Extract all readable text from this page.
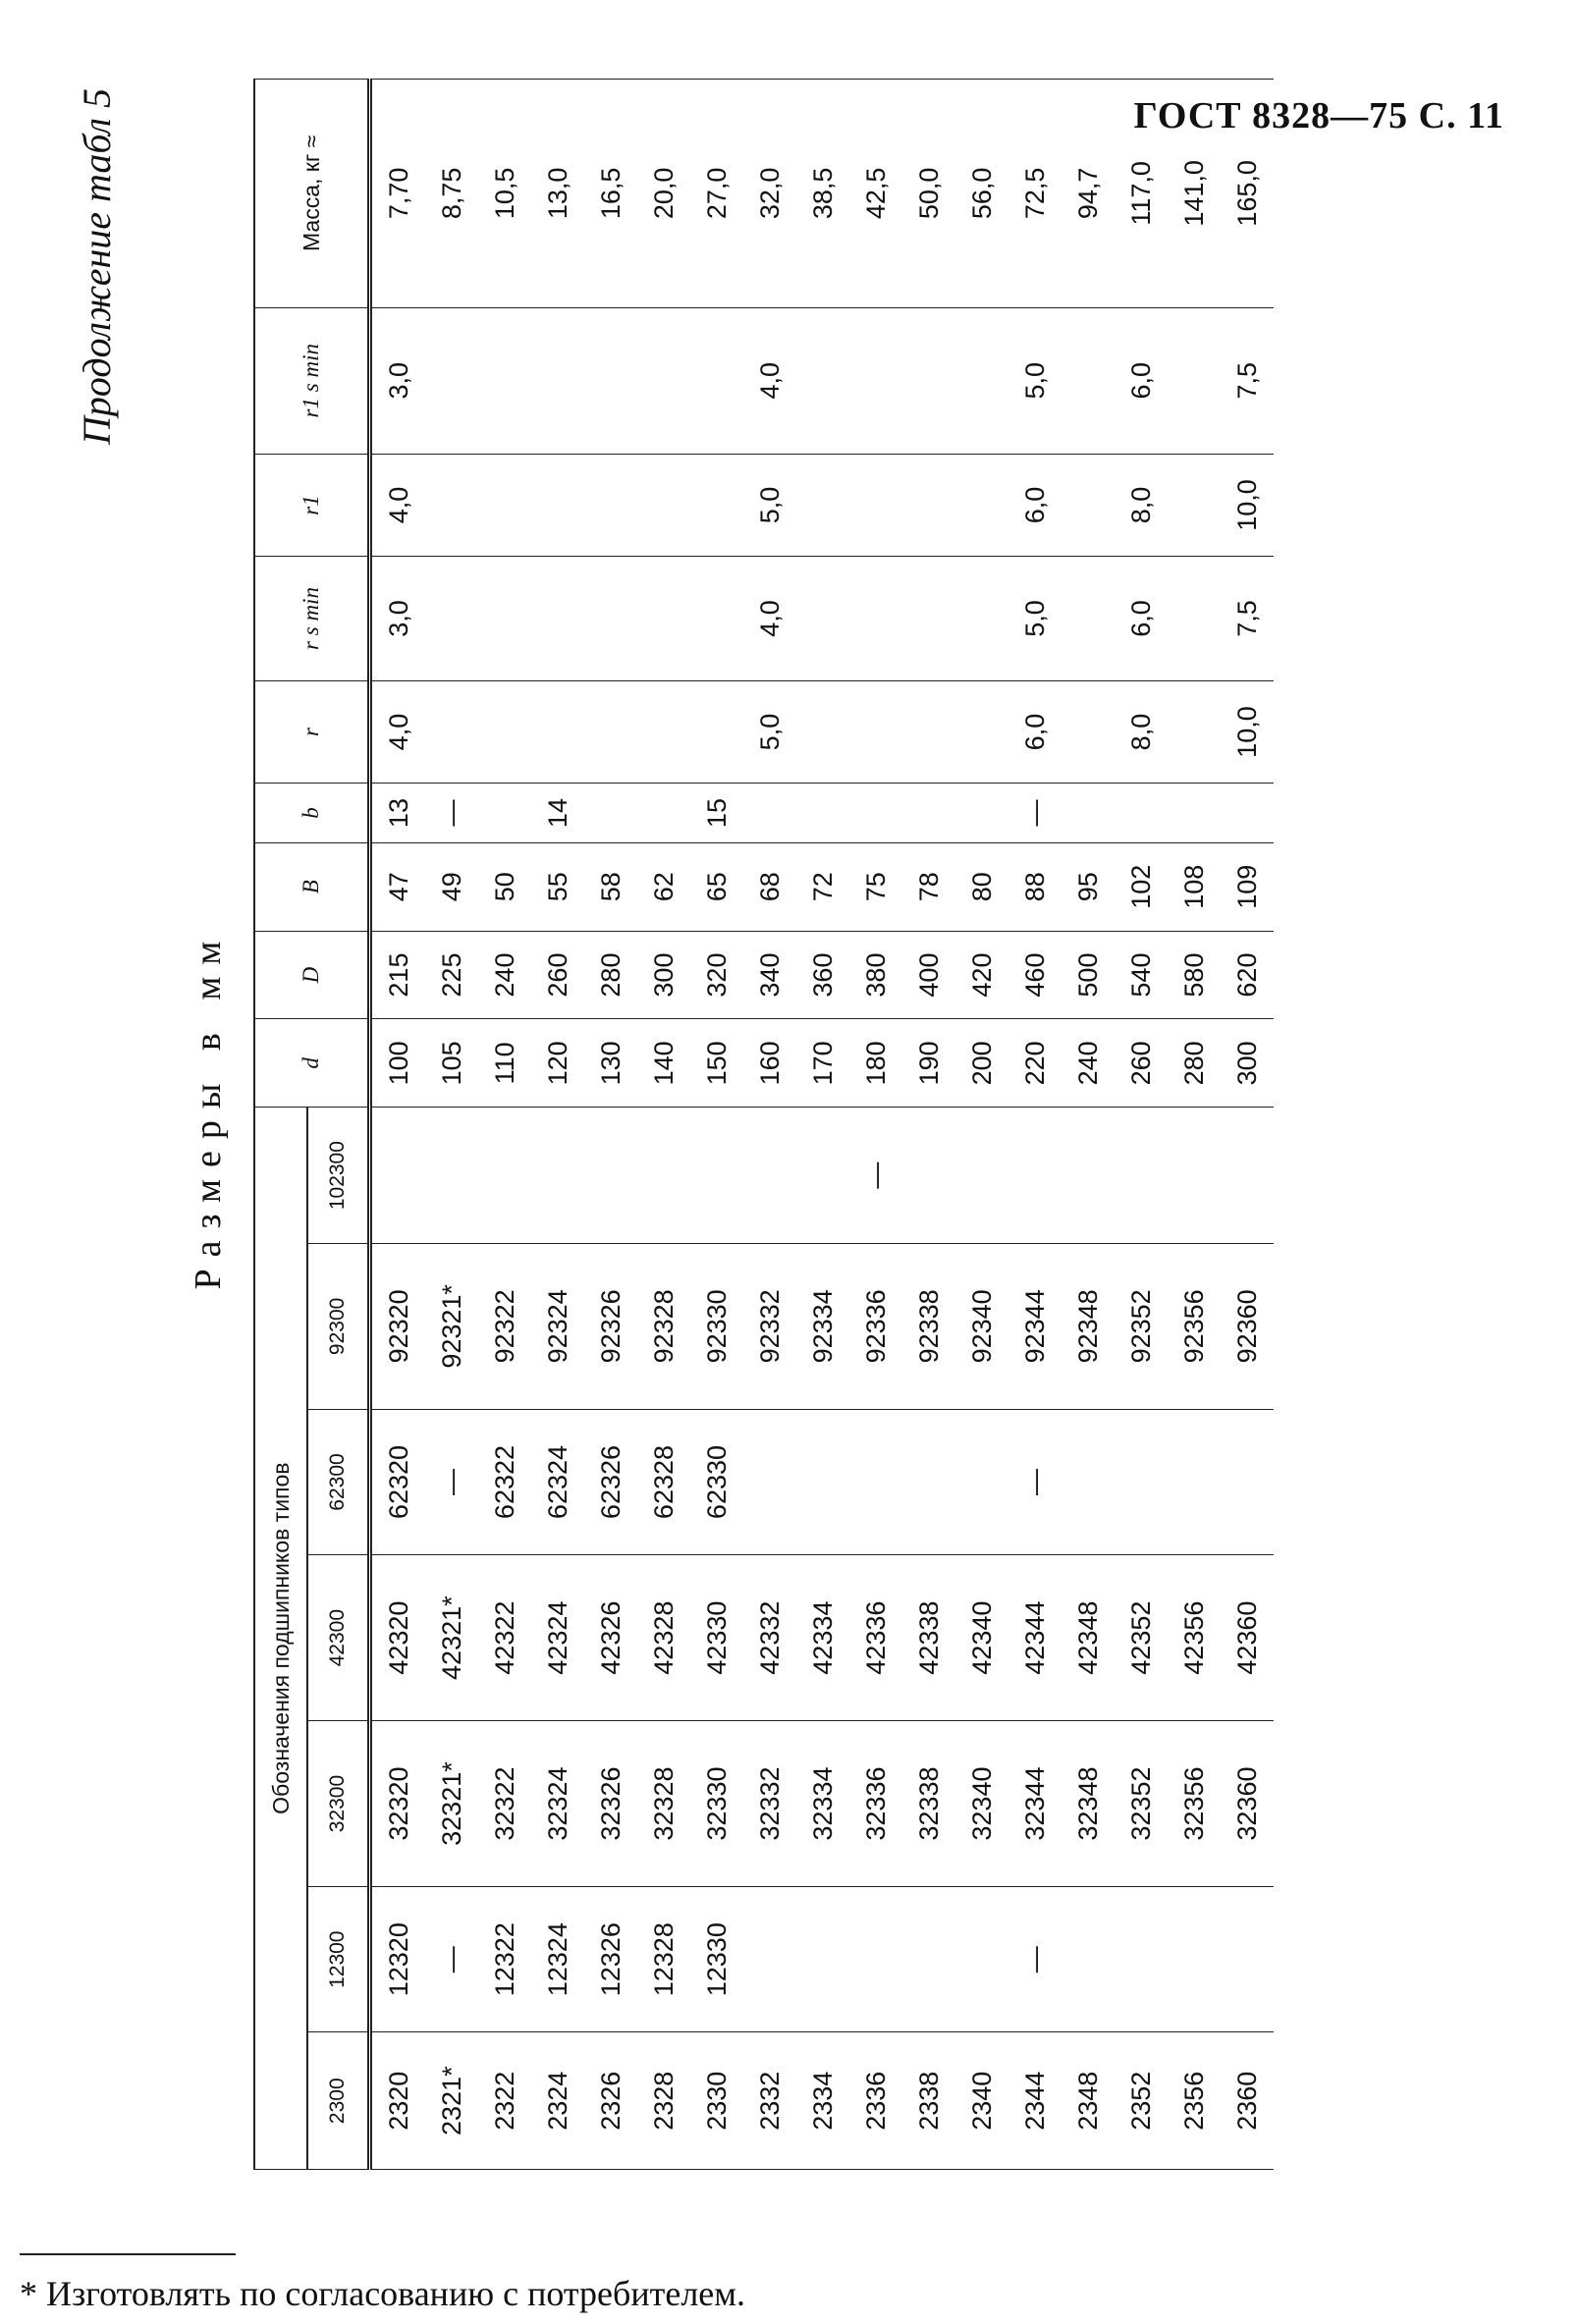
ГОСТ 8328—75 С. 11
Продолжение табл 5
Размеры в мм
Обозначения подшипников типов							d	D	B	b	r	r s min	r1	r1 s min	Масса, кг ≈
2300	12300	32300	42300	62300	92300	102300									
2320	12320	32320	42320	62320	92320		100	215	47	13	4,0	3,0	4,0	3,0	7,70
2321*	—	32321*	42321*	—	92321*		105	225	49	—					8,75
2322	12322	32322	42322	62322	92322		110	240	50						10,5
2324	12324	32324	42324	62324	92324		120	260	55	14					13,0
2326	12326	32326	42326	62326	92326		130	280	58						16,5
2328	12328	32328	42328	62328	92328		140	300	62						20,0
2330	12330	32330	42330	62330	92330		150	320	65	15					27,0
2332		32332	42332		92332		160	340	68		5,0	4,0	5,0	4,0	32,0
2334		32334	42334		92334		170	360	72						38,5
2336		32336	42336		92336	—	180	380	75						42,5
2338		32338	42338		92338		190	400	78						50,0
2340		32340	42340		92340		200	420	80						56,0
2344	—	32344	42344	—	92344		220	460	88	—	6,0	5,0	6,0	5,0	72,5
2348		32348	42348		92348		240	500	95						94,7
2352		32352	42352		92352		260	540	102		8,0	6,0	8,0	6,0	117,0
2356		32356	42356		92356		280	580	108						141,0
2360		32360	42360		92360		300	620	109		10,0	7,5	10,0	7,5	165,0
* Изготовлять по согласованию с потребителем.
